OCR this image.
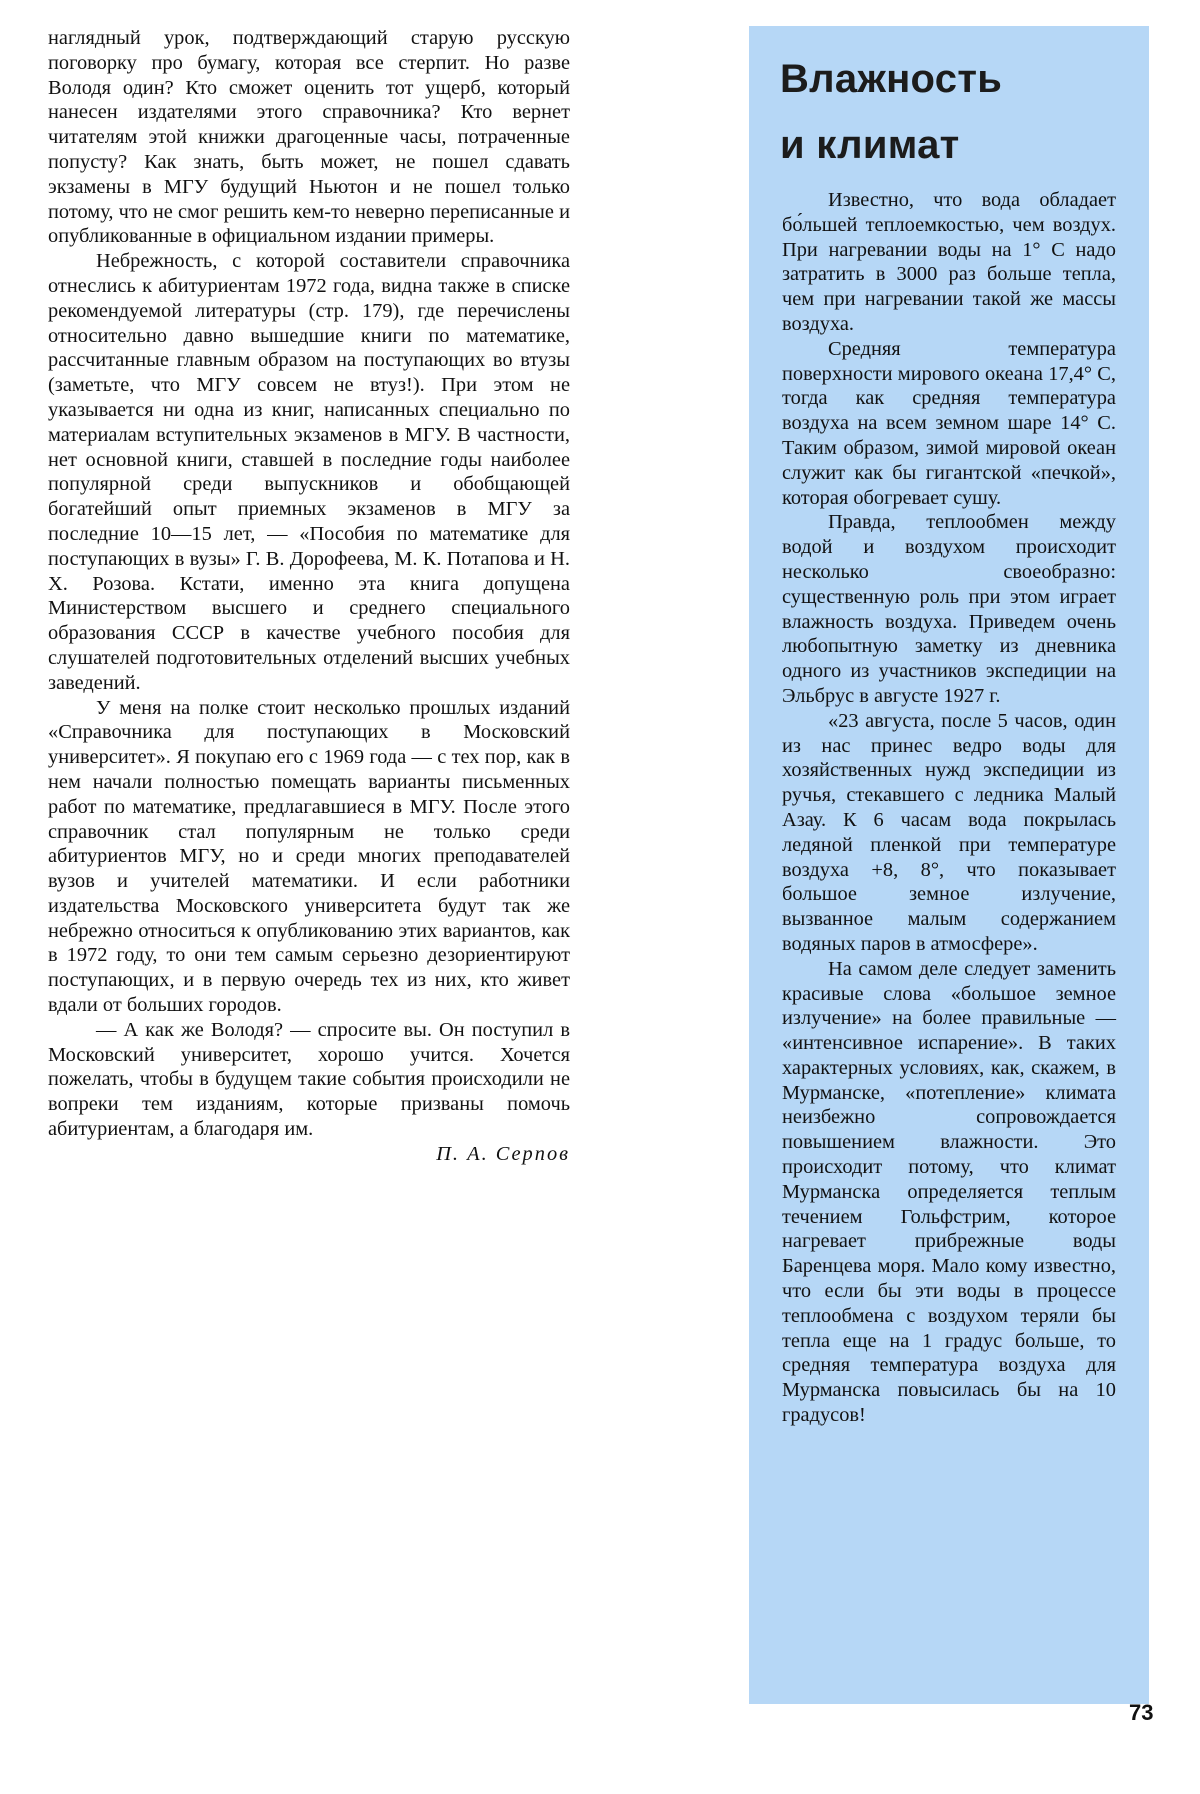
наглядный урок, подтверждающий старую русскую поговорку про бумагу, которая все стерпит. Но разве Володя один? Кто сможет оценить тот ущерб, который нанесен издателями этого справочника? Кто вернет читателям этой книжки драгоценные часы, потраченные попусту? Как знать, быть может, не пошел сдавать экзамены в МГУ будущий Ньютон и не пошел только потому, что не смог решить кем-то неверно переписанные и опубликованные в официальном издании примеры.

Небрежность, с которой составители справочника отнеслись к абитуриентам 1972 года, видна также в списке рекомендуемой литературы (стр. 179), где перечислены относительно давно вышедшие книги по математике, рассчитанные главным образом на поступающих во втузы (заметьте, что МГУ совсем не втуз!). При этом не указывается ни одна из книг, написанных специально по материалам вступительных экзаменов в МГУ. В частности, нет основной книги, ставшей в последние годы наиболее популярной среди выпускников и обобщающей богатейший опыт приемных экзаменов в МГУ за последние 10—15 лет, — «Пособия по математике для поступающих в вузы» Г. В. Дорофеева, М. К. Потапова и Н. Х. Розова. Кстати, именно эта книга допущена Министерством высшего и среднего специального образования СССР в качестве учебного пособия для слушателей подготовительных отделений высших учебных заведений.

У меня на полке стоит несколько прошлых изданий «Справочника для поступающих в Московский университет». Я покупаю его с 1969 года — с тех пор, как в нем начали полностью помещать варианты письменных работ по математике, предлагавшиеся в МГУ. После этого справочник стал популярным не только среди абитуриентов МГУ, но и среди многих преподавателей вузов и учителей математики. И если работники издательства Московского университета будут так же небрежно относиться к опубликованию этих вариантов, как в 1972 году, то они тем самым серьезно дезориентируют поступающих, и в первую очередь тех из них, кто живет вдали от больших городов.

— А как же Володя? — спросите вы. Он поступил в Московский университет, хорошо учится. Хочется пожелать, чтобы в будущем такие события происходили не вопреки тем изданиям, которые призваны помочь абитуриентам, а благодаря им.

П. А. Серпов
Влажность
и климат

Известно, что вода обладает бо́льшей теплоемкостью, чем воздух. При нагревании воды на 1° С надо затратить в 3000 раз больше тепла, чем при нагревании такой же массы воздуха.

Средняя температура поверхности мирового океана 17,4° С, тогда как средняя температура воздуха на всем земном шаре 14° С. Таким образом, зимой мировой океан служит как бы гигантской «печкой», которая обогревает сушу.

Правда, теплообмен между водой и воздухом происходит несколько своеобразно: существенную роль при этом играет влажность воздуха. Приведем очень любопытную заметку из дневника одного из участников экспедиции на Эльбрус в августе 1927 г.

«23 августа, после 5 часов, один из нас принес ведро воды для хозяйственных нужд экспедиции из ручья, стекавшего с ледника Малый Азау. К 6 часам вода покрылась ледяной пленкой при температуре воздуха +8, 8°, что показывает большое земное излучение, вызванное малым содержанием водяных паров в атмосфере».

На самом деле следует заменить красивые слова «большое земное излучение» на более правильные — «интенсивное испарение». В таких характерных условиях, как, скажем, в Мурманске, «потепление» климата неизбежно сопровождается повышением влажности. Это происходит потому, что климат Мурманска определяется теплым течением Гольфстрим, которое нагревает прибрежные воды Баренцева моря. Мало кому известно, что если бы эти воды в процессе теплообмена с воздухом теряли бы тепла еще на 1 градус больше, то средняя температура воздуха для Мурманска повысилась бы на 10 градусов!

73
